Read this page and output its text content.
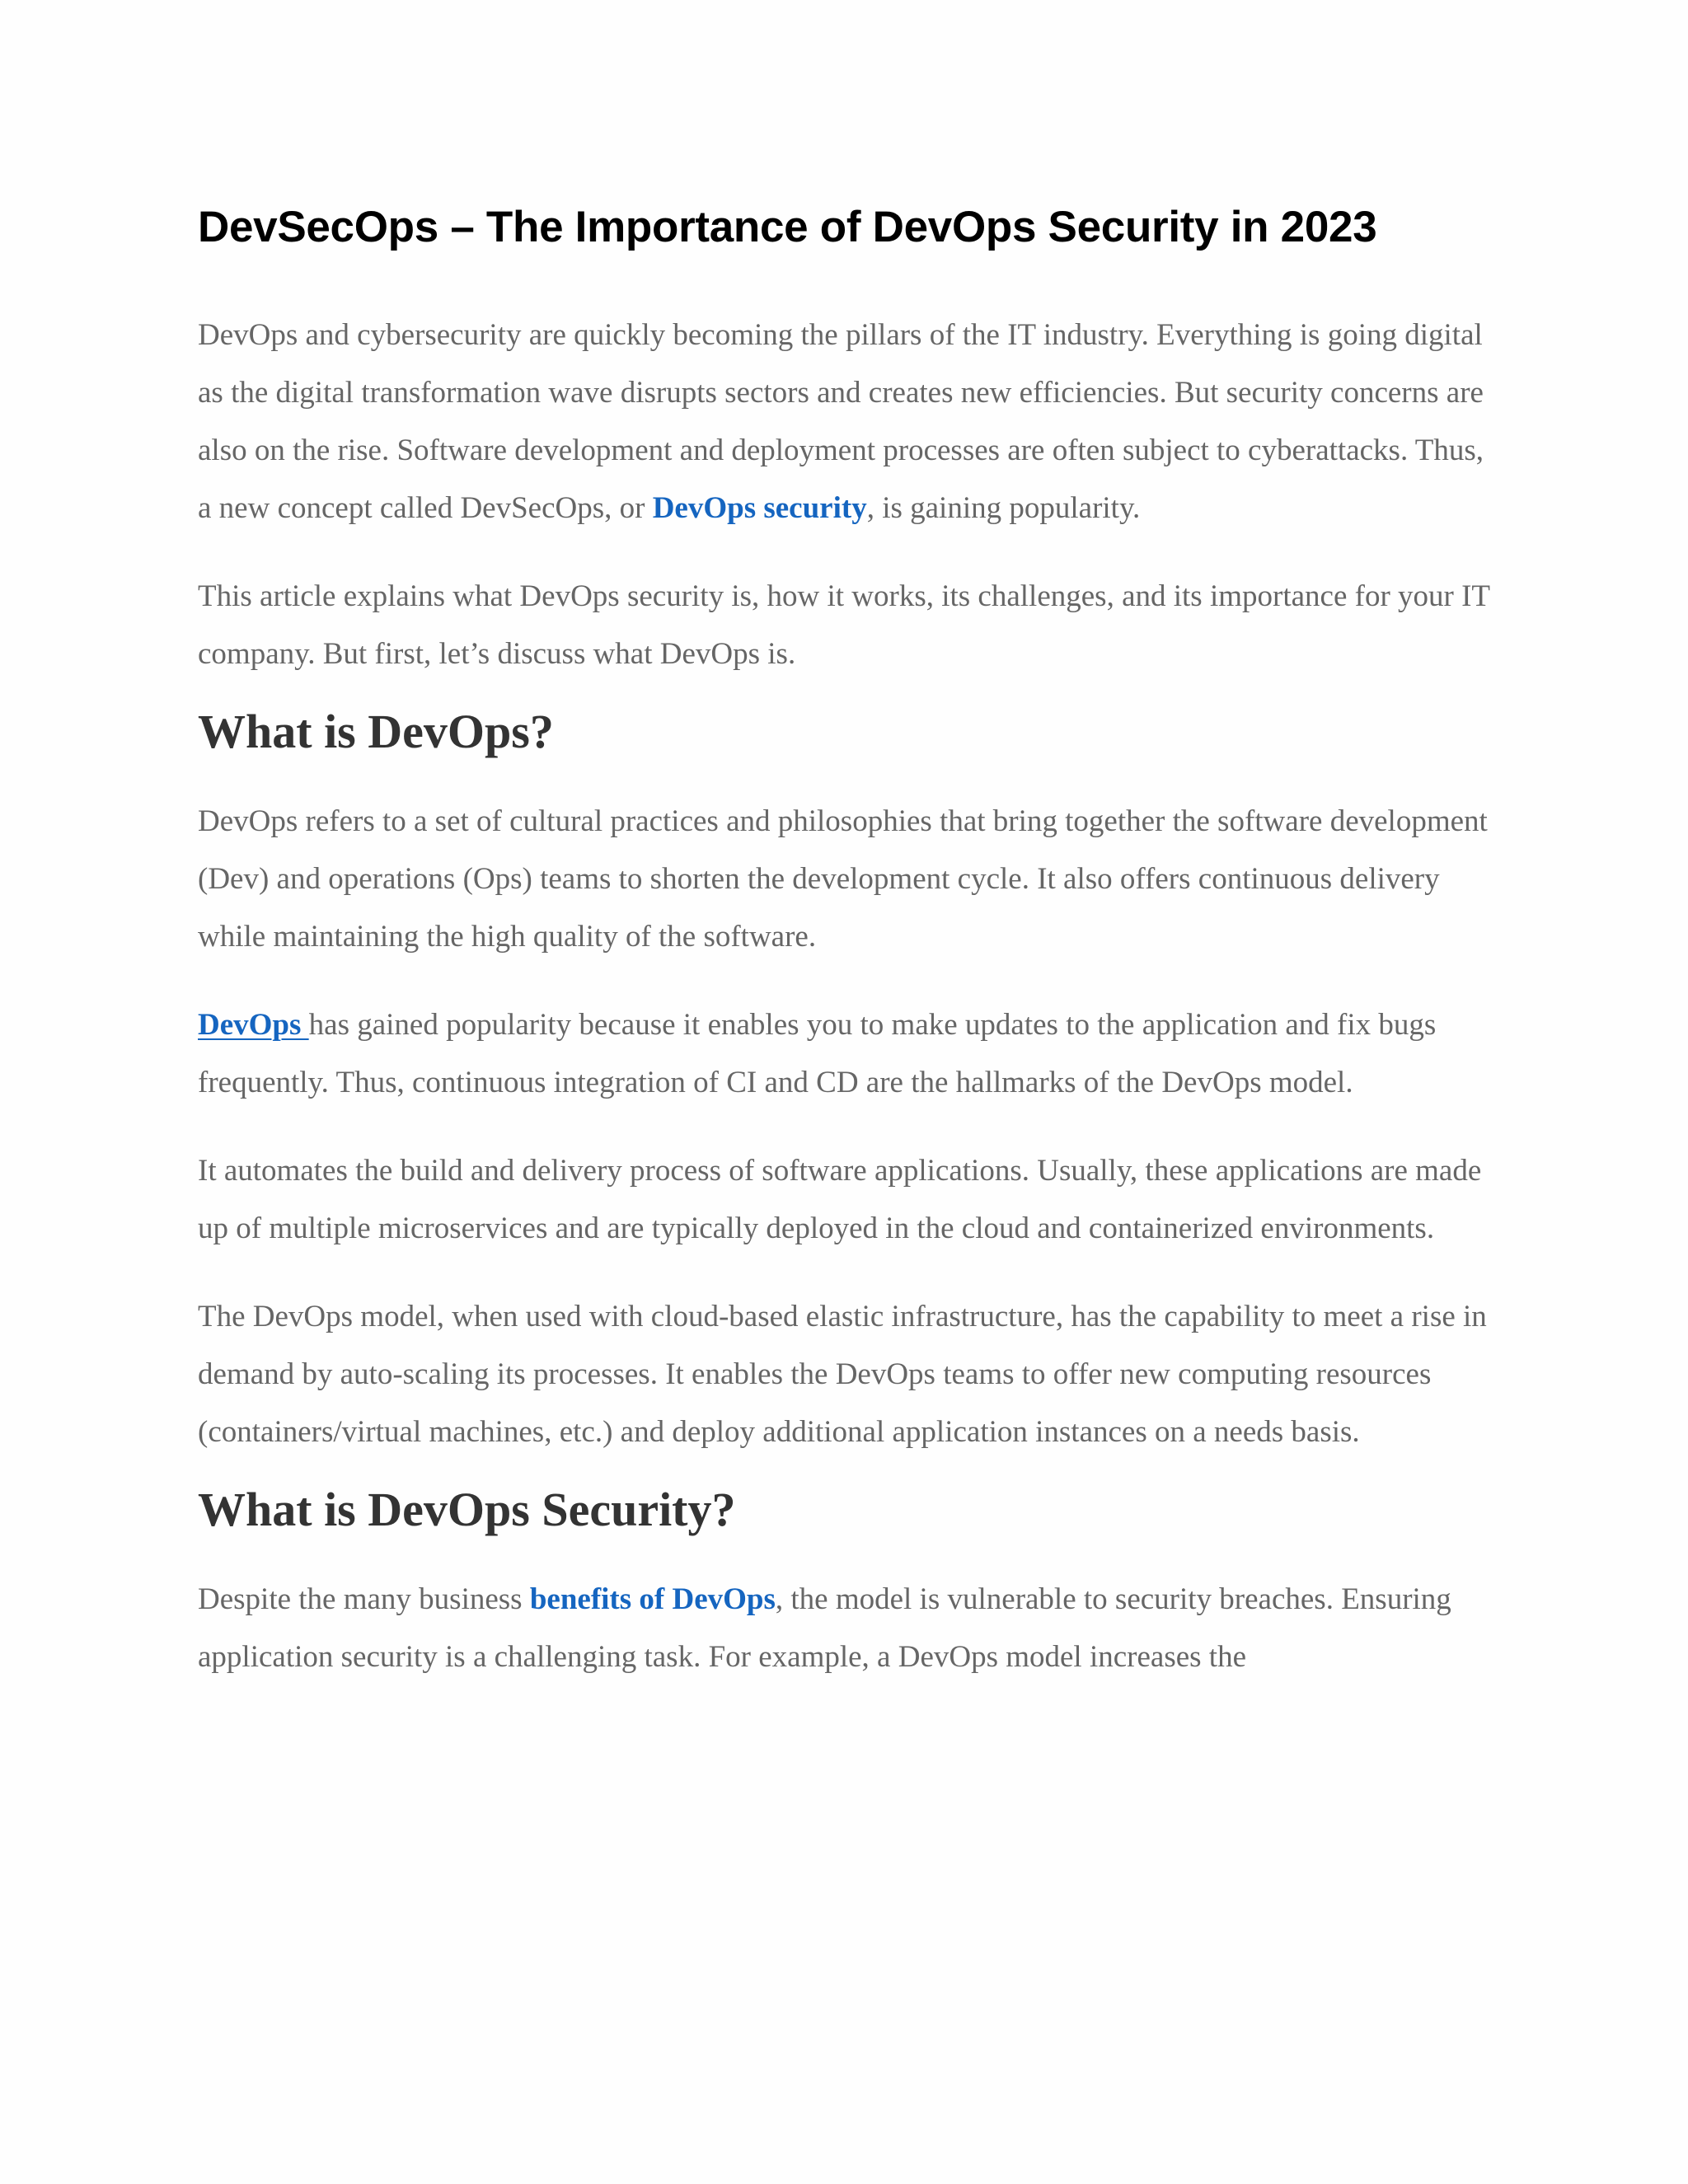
DevSecOps – The Importance of DevOps Security in 2023

DevOps and cybersecurity are quickly becoming the pillars of the IT industry. Everything is going digital as the digital transformation wave disrupts sectors and creates new efficiencies. But security concerns are also on the rise. Software development and deployment processes are often subject to cyberattacks. Thus, a new concept called DevSecOps, or DevOps security, is gaining popularity.

This article explains what DevOps security is, how it works, its challenges, and its importance for your IT company. But first, let’s discuss what DevOps is.

What is DevOps?

DevOps refers to a set of cultural practices and philosophies that bring together the software development (Dev) and operations (Ops) teams to shorten the development cycle. It also offers continuous delivery while maintaining the high quality of the software.

DevOps has gained popularity because it enables you to make updates to the application and fix bugs frequently. Thus, continuous integration of CI and CD are the hallmarks of the DevOps model.

It automates the build and delivery process of software applications. Usually, these applications are made up of multiple microservices and are typically deployed in the cloud and containerized environments.

The DevOps model, when used with cloud-based elastic infrastructure, has the capability to meet a rise in demand by auto-scaling its processes. It enables the DevOps teams to offer new computing resources (containers/virtual machines, etc.) and deploy additional application instances on a needs basis.

What is DevOps Security?

Despite the many business benefits of DevOps, the model is vulnerable to security breaches. Ensuring application security is a challenging task. For example, a DevOps model increases the
